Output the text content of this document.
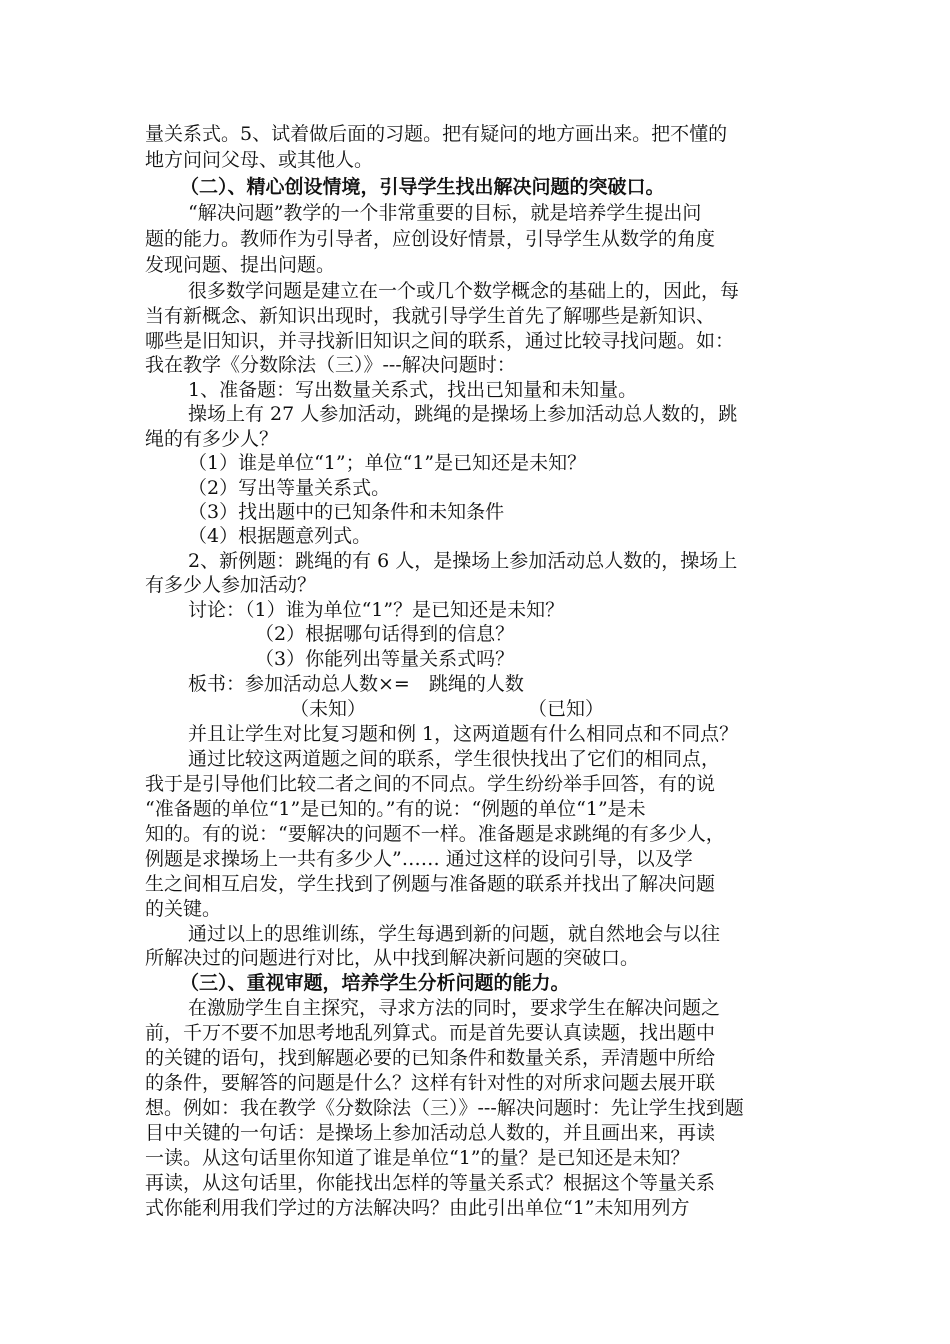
量关系式。5、试着做后面的习题。把有疑问的地方画出来。把不懂的
地方问问父母、或其他人。
（二）、精心创设情境，引导学生找出解决问题的突破口。
“解决问题”教学的一个非常重要的目标，就是培养学生提出问
题的能力。教师作为引导者，应创设好情景，引导学生从数学的角度
发现问题、提出问题。
很多数学问题是建立在一个或几个数学概念的基础上的，因此，每
当有新概念、新知识出现时，我就引导学生首先了解哪些是新知识、
哪些是旧知识，并寻找新旧知识之间的联系，通过比较寻找问题。如：
我在教学《分数除法（三）》---解决问题时：
1、准备题：写出数量关系式，找出已知量和未知量。
操场上有 27 人参加活动，跳绳的是操场上参加活动总人数的，跳
绳的有多少人？
（1）谁是单位“1”；单位“1”是已知还是未知？
（2）写出等量关系式。
（3）找出题中的已知条件和未知条件
（4）根据题意列式。
2、新例题：跳绳的有 6 人，是操场上参加活动总人数的，操场上
有多少人参加活动？
讨论：（1）谁为单位“1”？是已知还是未知？
（2）根据哪句话得到的信息？
（3）你能列出等量关系式吗？
板书：参加活动总人数×=　跳绳的人数
（未知）	（已知）
并且让学生对比复习题和例 1，这两道题有什么相同点和不同点？
通过比较这两道题之间的联系，学生很快找出了它们的相同点，
我于是引导他们比较二者之间的不同点。学生纷纷举手回答，有的说
“准备题的单位“1”是已知的。”有的说：“例题的单位“1”是未
知的。有的说：“要解决的问题不一样。准备题是求跳绳的有多少人，
例题是求操场上一共有多少人”…… 通过这样的设问引导，以及学
生之间相互启发，学生找到了例题与准备题的联系并找出了解决问题
的关键。
通过以上的思维训练，学生每遇到新的问题，就自然地会与以往
所解决过的问题进行对比，从中找到解决新问题的突破口。
（三）、重视审题，培养学生分析问题的能力。
在激励学生自主探究，寻求方法的同时，要求学生在解决问题之
前，千万不要不加思考地乱列算式。而是首先要认真读题，找出题中
的关键的语句，找到解题必要的已知条件和数量关系，弄清题中所给
的条件，要解答的问题是什么？这样有针对性的对所求问题去展开联
想。例如：我在教学《分数除法（三）》---解决问题时：先让学生找到题
目中关键的一句话：是操场上参加活动总人数的，并且画出来，再读
一读。从这句话里你知道了谁是单位“1”的量？是已知还是未知？
再读，从这句话里，你能找出怎样的等量关系式？根据这个等量关系
式你能利用我们学过的方法解决吗？由此引出单位“1”未知用列方
